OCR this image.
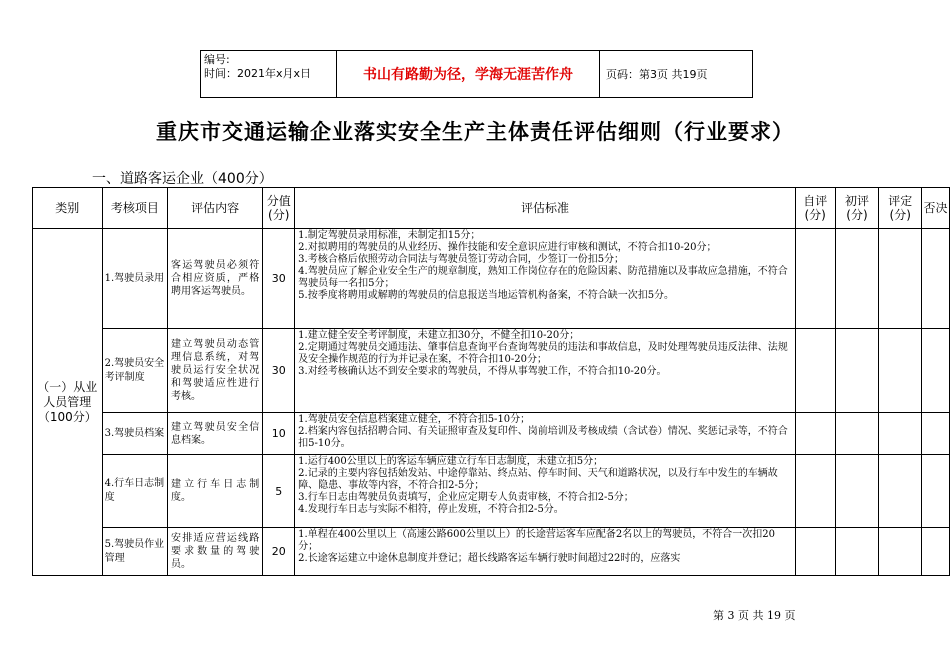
编号:
时间：2021年x月x日	书山有路勤为径，学海无涯苦作舟	页码：第3页 共19页
重庆市交通运输企业落实安全生产主体责任评估细则（行业要求）
一、道路客运企业（400分）
类别	考核项目	评估内容	分值(分)	评估标准	自评(分)	初评(分)	评定(分)	否决
（一）从业人员管理（100分）	1.驾驶员录用	客运驾驶员必须符合相应资质，严格聘用客运驾驶员。	30	1.制定驾驶员录用标准，未制定扣15分；
2.对拟聘用的驾驶员的从业经历、操作技能和安全意识应进行审核和测试，不符合扣10-20分；
3.考核合格后依照劳动合同法与驾驶员签订劳动合同，少签订一份扣5分；
4.驾驶员应了解企业安全生产的规章制度，熟知工作岗位存在的危险因素、防范措施以及事故应急措施，不符合驾驶员每一名扣5分；
5.按季度将聘用或解聘的驾驶员的信息报送当地运管机构备案，不符合缺一次扣5分。				

	2.驾驶员安全考评制度	建立驾驶员动态管理信息系统，对驾驶员运行安全状况和驾驶适应性进行考核。	30	1.建立健全安全考评制度，未建立扣30分，不健全扣10-20分；
2.定期通过驾驶员交通违法、肇事信息查询平台查询驾驶员的违法和事故信息，及时处理驾驶员违反法律、法规及安全操作规范的行为并记录在案，不符合扣10-20分；
3.对经考核确认达不到安全要求的驾驶员，不得从事驾驶工作，不符合扣10-20分。				

	3.驾驶员档案	建立驾驶员安全信息档案。	10	1.驾驶员安全信息档案建立健全，不符合扣5-10分；
2.档案内容包括招聘合同、有关证照审查及复印件、岗前培训及考核成绩（含试卷）情况、奖惩记录等，不符合扣5-10分。				

	4.行车日志制度	建立行车日志制度。	5	1.运行400公里以上的客运车辆应建立行车日志制度，未建立扣5分；
2.记录的主要内容包括始发站、中途停靠站、终点站、停车时间、天气和道路状况，以及行车中发生的车辆故障、隐患、事故等内容，不符合扣2-5分；
3.行车日志由驾驶员负责填写，企业应定期专人负责审核，不符合扣2-5分；
4.发现行车日志与实际不相符，停止发班，不符合扣2-5分。				

	5.驾驶员作业管理	安排适应营运线路要求数量的驾驶员。	20	1.单程在400公里以上（高速公路600公里以上）的长途营运客车应配备2名以上的驾驶员，不符合一次扣20分；
2.长途客运建立中途休息制度并登记；超长线路客运车辆行驶时间超过22时的，应落实				

第 3 页 共 19 页
